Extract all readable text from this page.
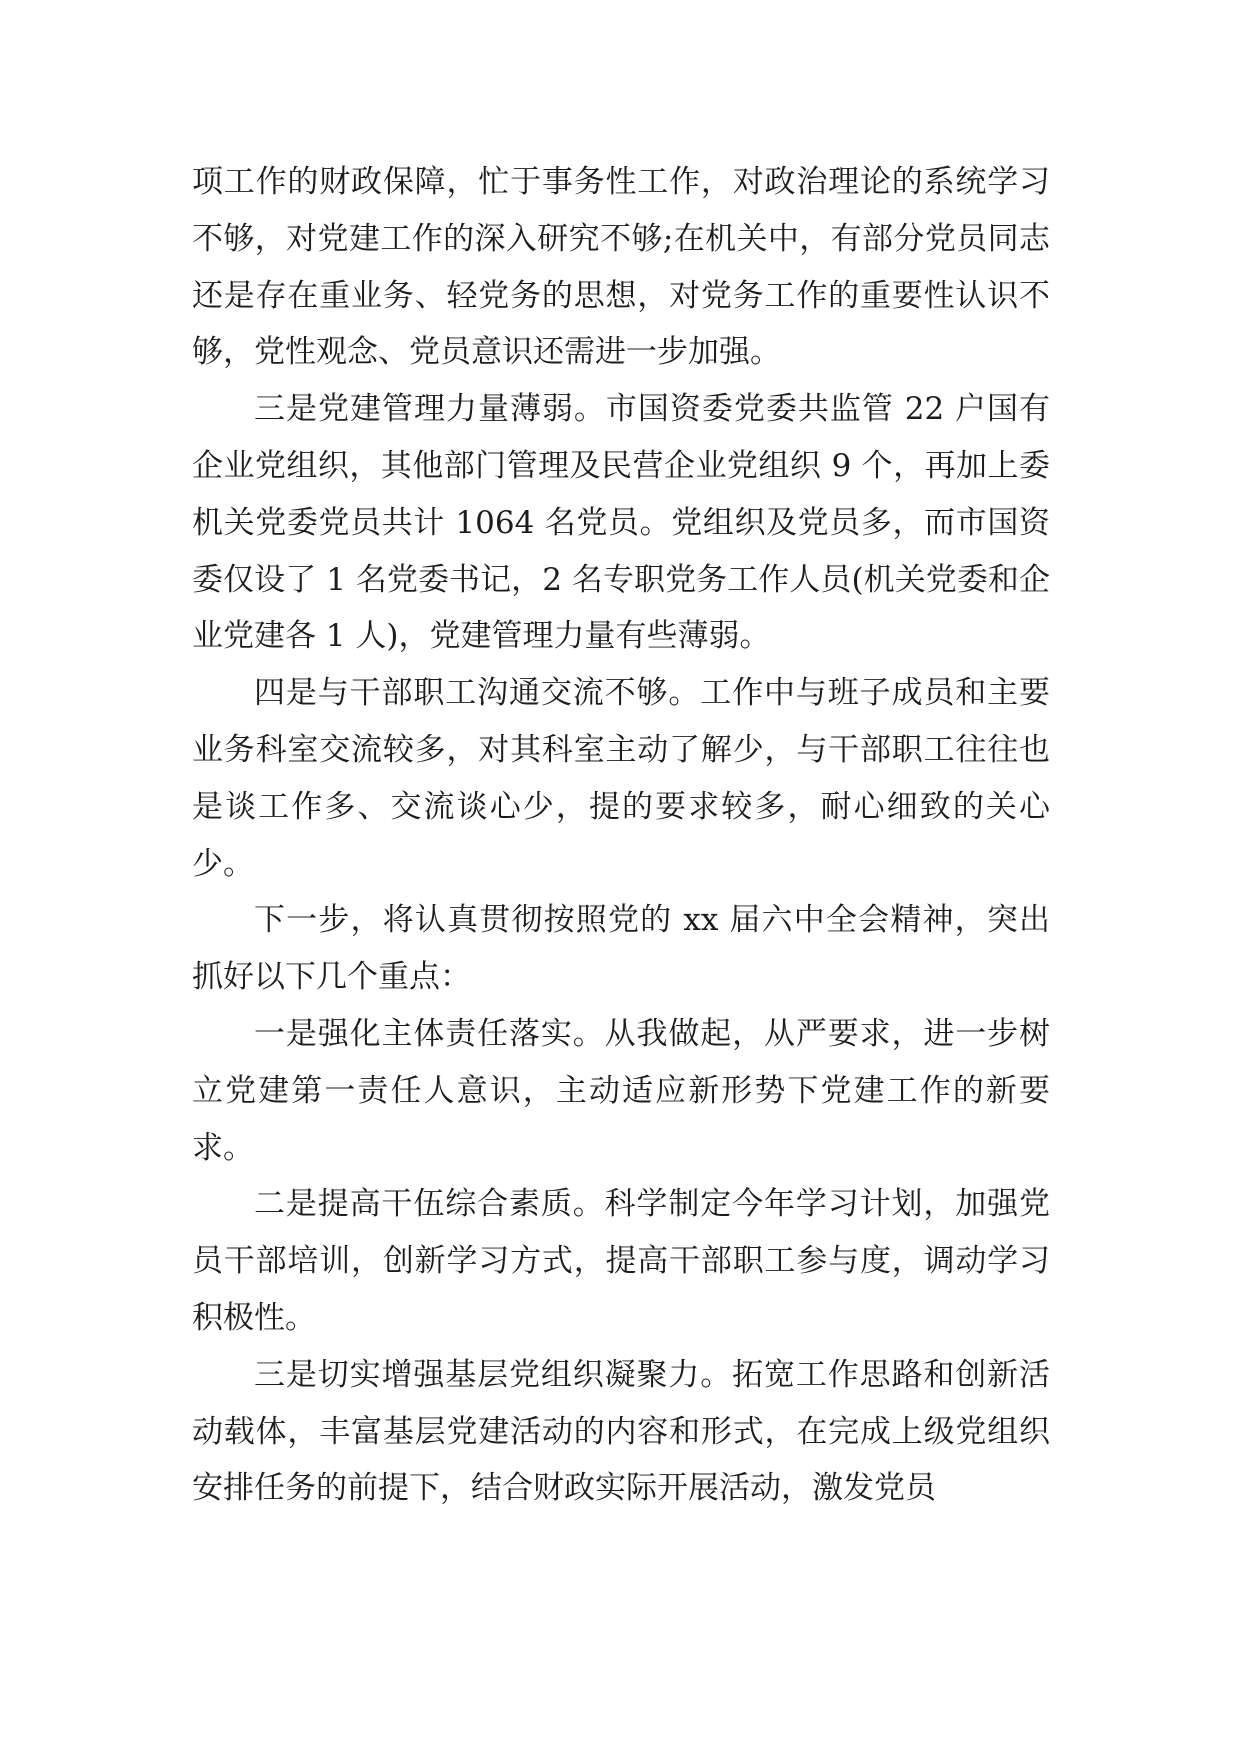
项工作的财政保障，忙于事务性工作，对政治理论的系统学习不够，对党建工作的深入研究不够;在机关中，有部分党员同志还是存在重业务、轻党务的思想，对党务工作的重要性认识不够，党性观念、党员意识还需进一步加强。

三是党建管理力量薄弱。市国资委党委共监管 22 户国有企业党组织，其他部门管理及民营企业党组织 9 个，再加上委机关党委党员共计 1064 名党员。党组织及党员多，而市国资委仅设了 1 名党委书记，2 名专职党务工作人员(机关党委和企业党建各 1 人)，党建管理力量有些薄弱。

四是与干部职工沟通交流不够。工作中与班子成员和主要业务科室交流较多，对其科室主动了解少，与干部职工往往也是谈工作多、交流谈心少，提的要求较多，耐心细致的关心少。

下一步，将认真贯彻按照党的 xx 届六中全会精神，突出抓好以下几个重点：

一是强化主体责任落实。从我做起，从严要求，进一步树立党建第一责任人意识，主动适应新形势下党建工作的新要求。

二是提高干伍综合素质。科学制定今年学习计划，加强党员干部培训，创新学习方式，提高干部职工参与度，调动学习积极性。

三是切实增强基层党组织凝聚力。拓宽工作思路和创新活动载体，丰富基层党建活动的内容和形式，在完成上级党组织安排任务的前提下，结合财政实际开展活动，激发党员
